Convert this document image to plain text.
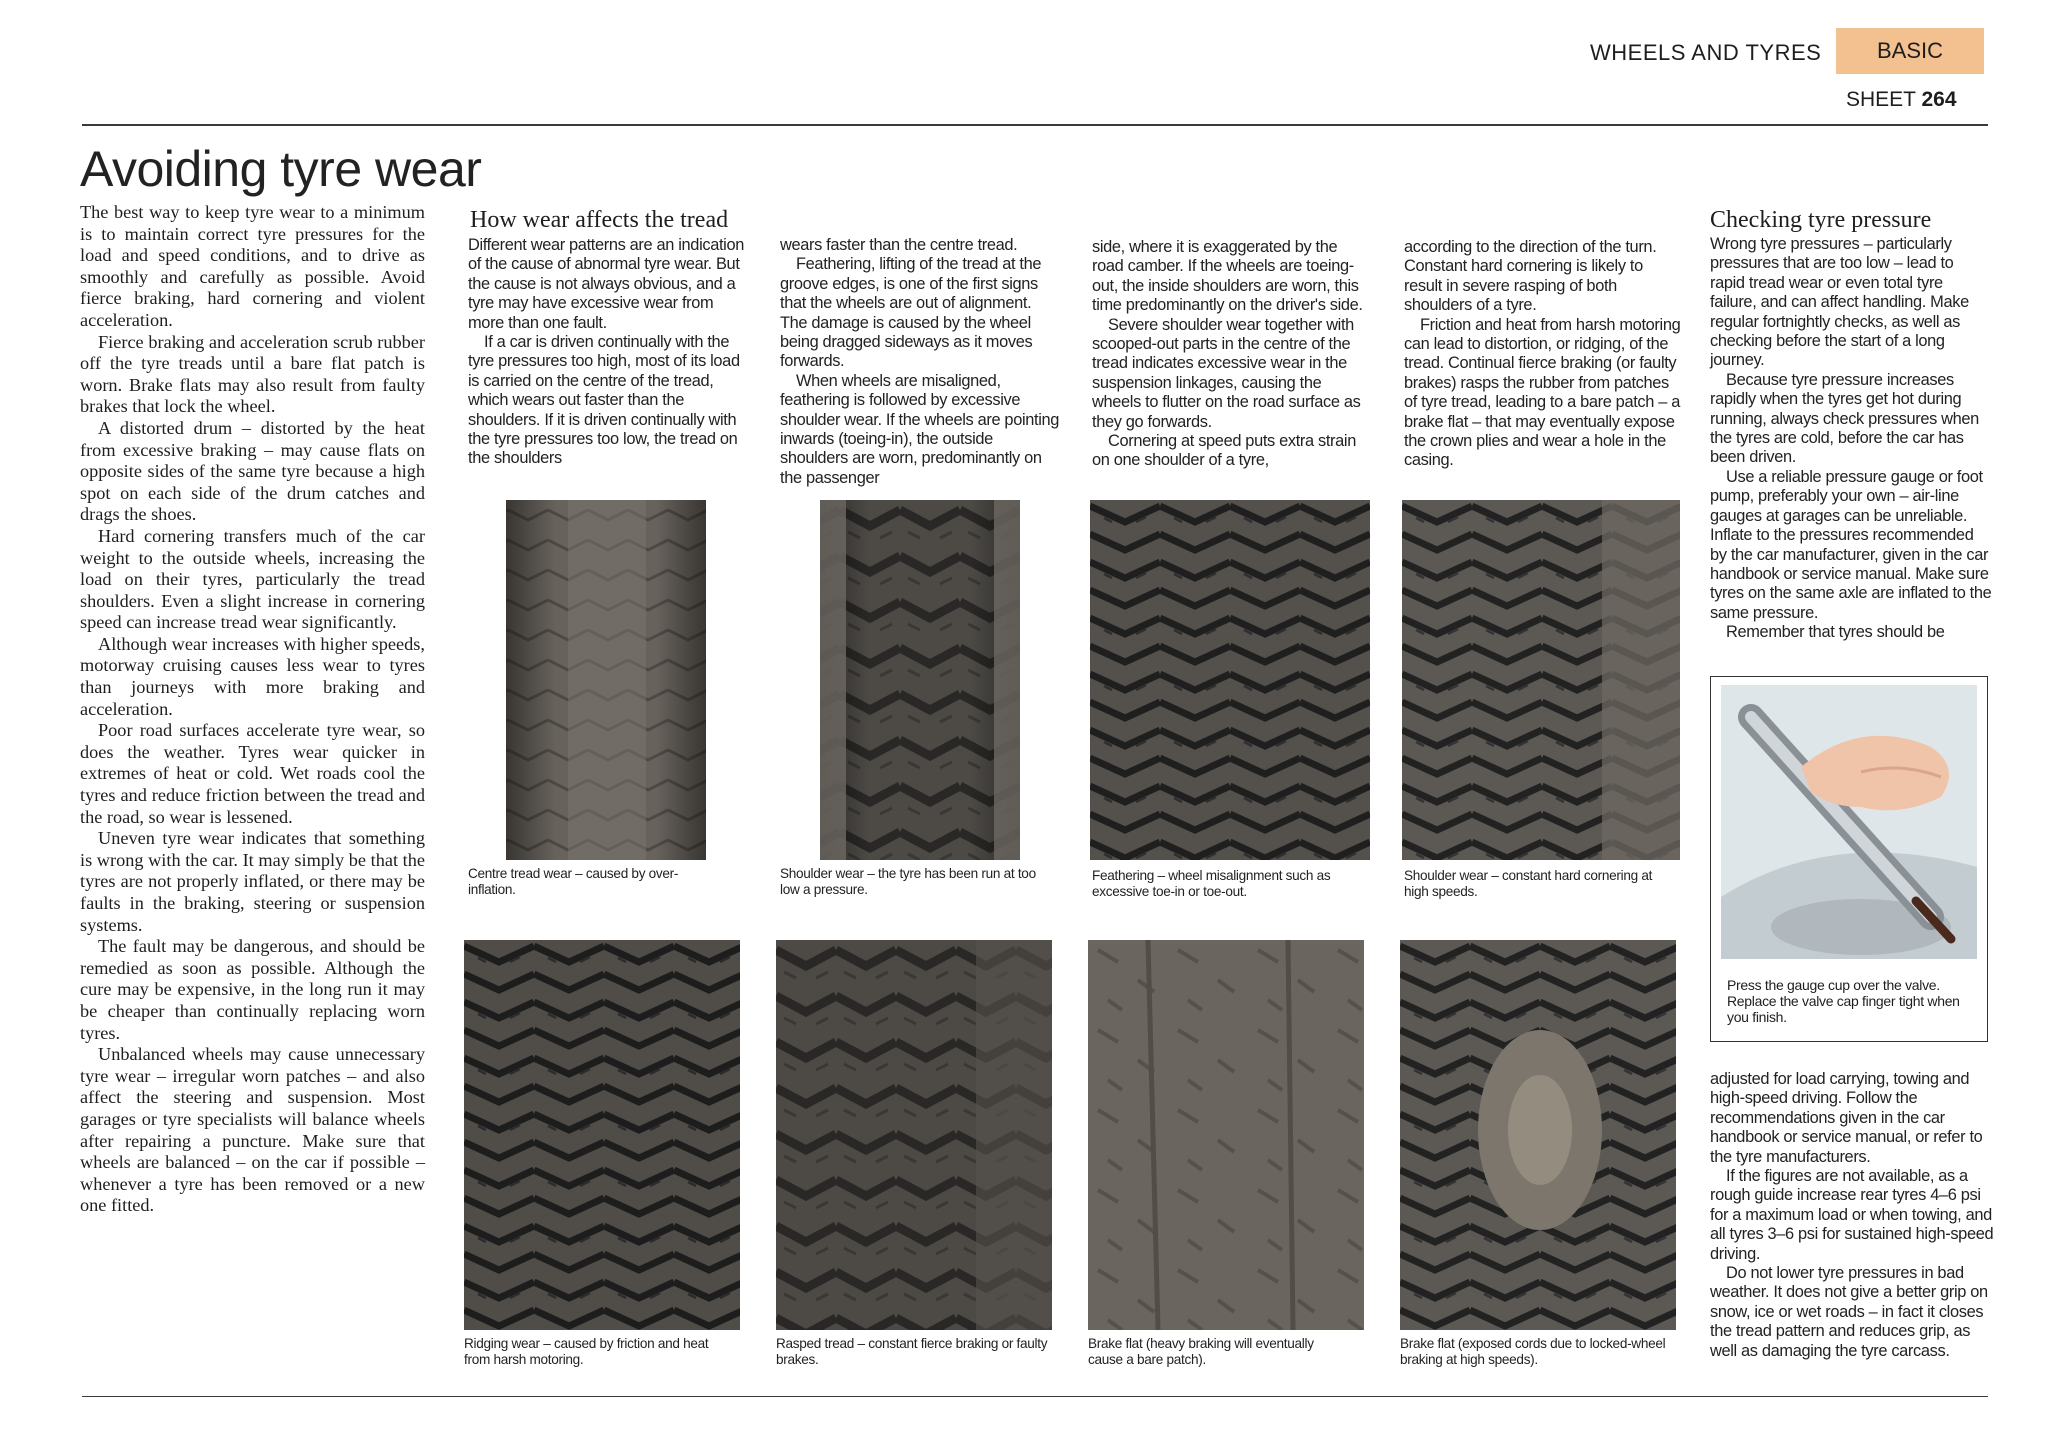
WHEELS AND TYRES	BASIC
SHEET 264
Avoiding tyre wear

The best way to keep tyre wear to a minimum is to maintain correct tyre pressures for the load and speed conditions, and to drive as smoothly and carefully as possible. Avoid fierce braking, hard cornering and violent acceleration.

Fierce braking and acceleration scrub rubber off the tyre treads until a bare flat patch is worn. Brake flats may also result from faulty brakes that lock the wheel.

A distorted drum – distorted by the heat from excessive braking – may cause flats on opposite sides of the same tyre because a high spot on each side of the drum catches and drags the shoes.

Hard cornering transfers much of the car weight to the outside wheels, increasing the load on their tyres, particularly the tread shoulders. Even a slight increase in cornering speed can increase tread wear significantly.

Although wear increases with higher speeds, motorway cruising causes less wear to tyres than journeys with more braking and acceleration.

Poor road surfaces accelerate tyre wear, so does the weather. Tyres wear quicker in extremes of heat or cold. Wet roads cool the tyres and reduce friction between the tread and the road, so wear is lessened.

Uneven tyre wear indicates that something is wrong with the car. It may simply be that the tyres are not properly inflated, or there may be faults in the braking, steering or suspension systems.

The fault may be dangerous, and should be remedied as soon as possible. Although the cure may be expensive, in the long run it may be cheaper than continually replacing worn tyres.

Unbalanced wheels may cause unnecessary tyre wear – irregular worn patches – and also affect the steering and suspension. Most garages or tyre specialists will balance wheels after repairing a puncture. Make sure that wheels are balanced – on the car if possible – whenever a tyre has been removed or a new one fitted.

How wear affects the tread

Different wear patterns are an indication of the cause of abnormal tyre wear. But the cause is not always obvious, and a tyre may have excessive wear from more than one fault.

If a car is driven continually with the tyre pressures too high, most of its load is carried on the centre of the tread, which wears out faster than the shoulders. If it is driven continually with the tyre pressures too low, the tread on the shoulders

wears faster than the centre tread.

Feathering, lifting of the tread at the groove edges, is one of the first signs that the wheels are out of alignment. The damage is caused by the wheel being dragged sideways as it moves forwards.

When wheels are misaligned, feathering is followed by excessive shoulder wear. If the wheels are pointing inwards (toeing-in), the outside shoulders are worn, predominantly on the passenger

side, where it is exaggerated by the road camber. If the wheels are toeing-out, the inside shoulders are worn, this time predominantly on the driver's side.

Severe shoulder wear together with scooped-out parts in the centre of the tread indicates excessive wear in the suspension linkages, causing the wheels to flutter on the road surface as they go forwards.

Cornering at speed puts extra strain on one shoulder of a tyre,

according to the direction of the turn. Constant hard cornering is likely to result in severe rasping of both shoulders of a tyre.

Friction and heat from harsh motoring can lead to distortion, or ridging, of the tread. Continual fierce braking (or faulty brakes) rasps the rubber from patches of tyre tread, leading to a bare patch – a brake flat – that may eventually expose the crown plies and wear a hole in the casing.

Centre tread wear – caused by over-inflation.
Shoulder wear – the tyre has been run at too low a pressure.
Feathering – wheel misalignment such as excessive toe-in or toe-out.
Shoulder wear – constant hard cornering at high speeds.
Ridging wear – caused by friction and heat from harsh motoring.
Rasped tread – constant fierce braking or faulty brakes.
Brake flat (heavy braking will eventually cause a bare patch).
Brake flat (exposed cords due to locked-wheel braking at high speeds).
Checking tyre pressure

Wrong tyre pressures – particularly pressures that are too low – lead to rapid tread wear or even total tyre failure, and can affect handling. Make regular fortnightly checks, as well as checking before the start of a long journey.

Because tyre pressure increases rapidly when the tyres get hot during running, always check pressures when the tyres are cold, before the car has been driven.

Use a reliable pressure gauge or foot pump, preferably your own – air-line gauges at garages can be unreliable. Inflate to the pressures recommended by the car manufacturer, given in the car handbook or service manual. Make sure tyres on the same axle are inflated to the same pressure.

Remember that tyres should be

Press the gauge cup over the valve. Replace the valve cap finger tight when you finish.

adjusted for load carrying, towing and high-speed driving. Follow the recommendations given in the car handbook or service manual, or refer to the tyre manufacturers.

If the figures are not available, as a rough guide increase rear tyres 4–6 psi for a maximum load or when towing, and all tyres 3–6 psi for sustained high-speed driving.

Do not lower tyre pressures in bad weather. It does not give a better grip on snow, ice or wet roads – in fact it closes the tread pattern and reduces grip, as well as damaging the tyre carcass.
